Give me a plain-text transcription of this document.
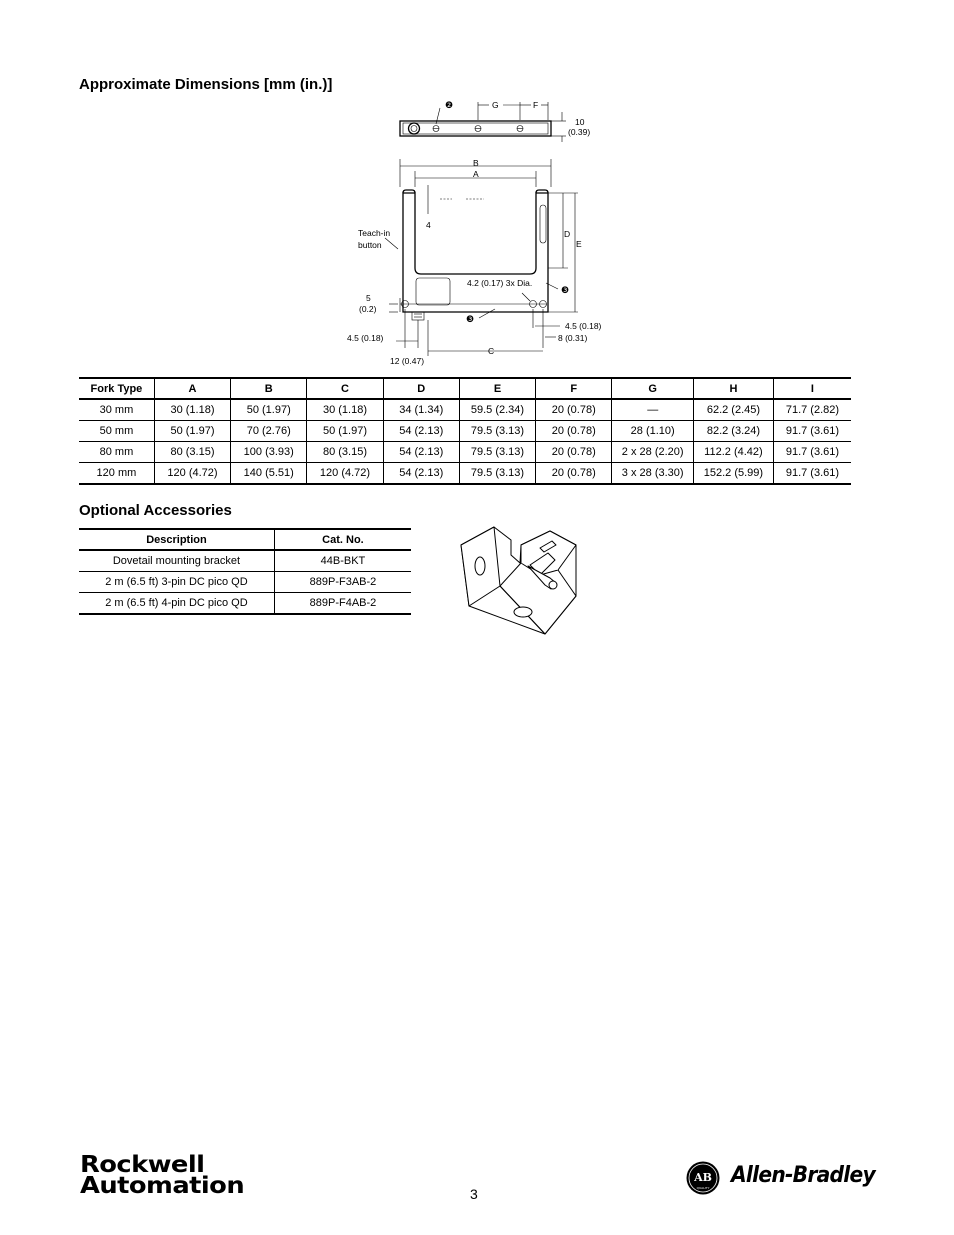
Approximate Dimensions [mm (in.)]
❷	G	F
10
(0.39)
B
A
4
Teach-in
button
D
E
4.2 (0.17) 3x Dia.
❸
❸
5
(0.2)
4.5 (0.18)
8 (0.31)
4.5 (0.18)
C
12 (0.47)
Fork Type	A	B	C	D	E	F	G	H	I
30 mm	30 (1.18)	50 (1.97)	30 (1.18)	34 (1.34)	59.5 (2.34)	20 (0.78)	—	62.2 (2.45)	71.7 (2.82)
50 mm	50 (1.97)	70 (2.76)	50 (1.97)	54 (2.13)	79.5 (3.13)	20 (0.78)	28 (1.10)	82.2 (3.24)	91.7 (3.61)
80 mm	80 (3.15)	100 (3.93)	80 (3.15)	54 (2.13)	79.5 (3.13)	20 (0.78)	2 x 28 (2.20)	112.2 (4.42)	91.7 (3.61)
120 mm	120 (4.72)	140 (5.51)	120 (4.72)	54 (2.13)	79.5 (3.13)	20 (0.78)	3 x 28 (3.30)	152.2 (5.99)	91.7 (3.61)
Optional Accessories
Description	Cat. No.
Dovetail mounting bracket	44B-BKT
2 m (6.5 ft) 3-pin DC pico QD	889P-F3AB-2
2 m (6.5 ft) 4-pin DC pico QD	889P-F4AB-2
Rockwell
Automation	3
AB
QUALITY Allen-Bradley
